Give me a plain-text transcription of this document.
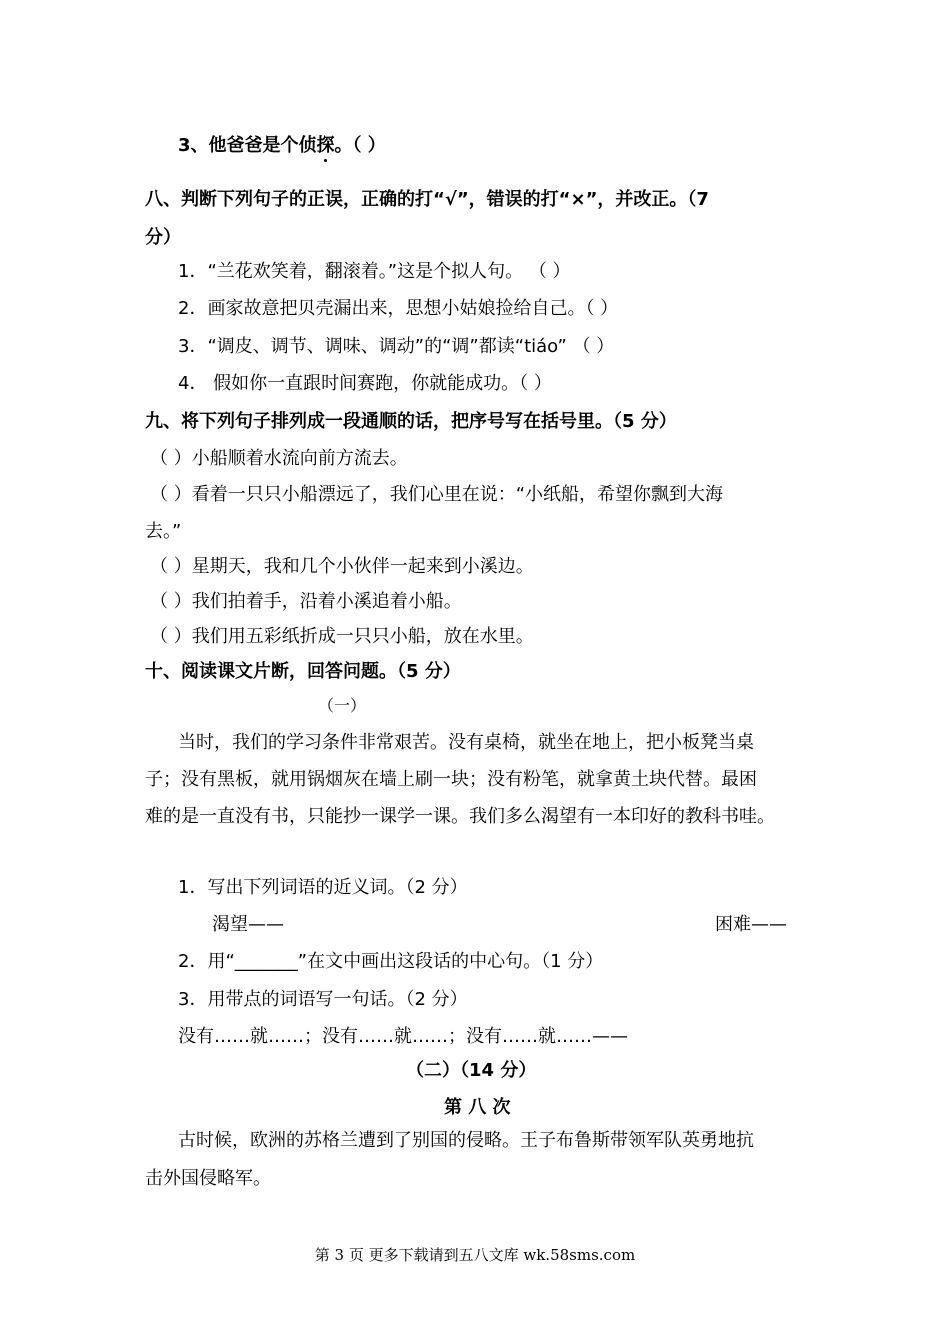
3、他爸爸是个侦探。（ ）
八、判断下列句子的正误，正确的打“√”，错误的打“×”，并改正。（7
分）
1．“兰花欢笑着，翻滚着。”这是个拟人句。 （ ）
2．画家故意把贝壳漏出来，思想小姑娘捡给自己。（ ）
3．“调皮、调节、调味、调动”的“调”都读“tiáo” （ ）
4． 假如你一直跟时间赛跑，你就能成功。（ ）
九、将下列句子排列成一段通顺的话，把序号写在括号里。（5 分）
（ ）小船顺着水流向前方流去。
（ ）看着一只只小船漂远了，我们心里在说：“小纸船，希望你飘到大海
去。”
（ ）星期天，我和几个小伙伴一起来到小溪边。
（ ）我们拍着手，沿着小溪追着小船。
（ ）我们用五彩纸折成一只只小船，放在水里。
十、阅读课文片断，回答问题。（5 分）
（一）
当时，我们的学习条件非常艰苦。没有桌椅，就坐在地上，把小板凳当桌
子；没有黑板，就用锅烟灰在墙上刷一块；没有粉笔，就拿黄土块代替。最困
难的是一直没有书，只能抄一课学一课。我们多么渴望有一本印好的教科书哇。
1．写出下列词语的近义词。（2 分）
渴望——	困难——
2．用“_______”在文中画出这段话的中心句。（1 分）
3．用带点的词语写一句话。（2 分）
没有……就……；没有……就……；没有……就……——
（二）（14 分）
第 八 次
古时候，欧洲的苏格兰遭到了别国的侵略。王子布鲁斯带领军队英勇地抗
击外国侵略军。
第 3 页 更多下载请到五八文库 wk.58sms.com
